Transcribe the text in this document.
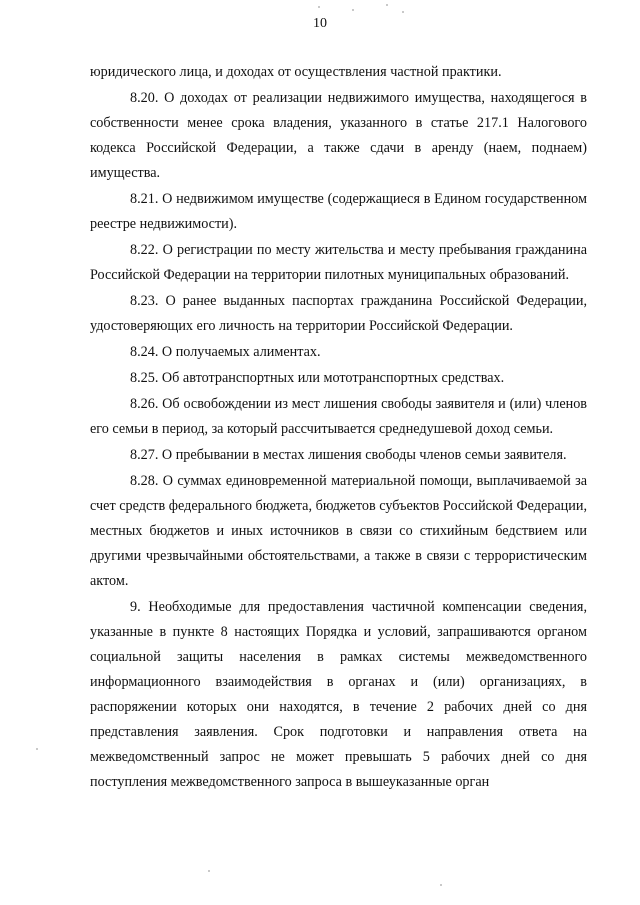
10

юридического лица, и доходах от осуществления частной практики.

8.20. О доходах от реализации недвижимого имущества, находящегося в собственности менее срока владения, указанного в статье 217.1 Налогового кодекса Российской Федерации, а также сдачи в аренду (наем, поднаем) имущества.

8.21. О недвижимом имуществе (содержащиеся в Едином государственном реестре недвижимости).

8.22. О регистрации по месту жительства и месту пребывания гражданина Российской Федерации на территории пилотных муниципальных образований.

8.23. О ранее выданных паспортах гражданина Российской Федерации, удостоверяющих его личность на территории Российской Федерации.

8.24. О получаемых алиментах.

8.25. Об автотранспортных или мототранспортных средствах.

8.26. Об освобождении из мест лишения свободы заявителя и (или) членов его семьи в период, за который рассчитывается среднедушевой доход семьи.

8.27. О пребывании в местах лишения свободы членов семьи заявителя.

8.28. О суммах единовременной материальной помощи, выплачиваемой за счет средств федерального бюджета, бюджетов субъектов Российской Федерации, местных бюджетов и иных источников в связи со стихийным бедствием или другими чрезвычайными обстоятельствами, а также в связи с террористическим актом.

9. Необходимые для предоставления частичной компенсации сведения, указанные в пункте 8 настоящих Порядка и условий, запрашиваются органом социальной защиты населения в рамках системы межведомственного информационного взаимодействия в органах и (или) организациях, в распоряжении которых они находятся, в течение 2 рабочих дней со дня представления заявления. Срок подготовки и направления ответа на межведомственный запрос не может превышать 5 рабочих дней со дня поступления межведомственного запроса в вышеуказанные орган
